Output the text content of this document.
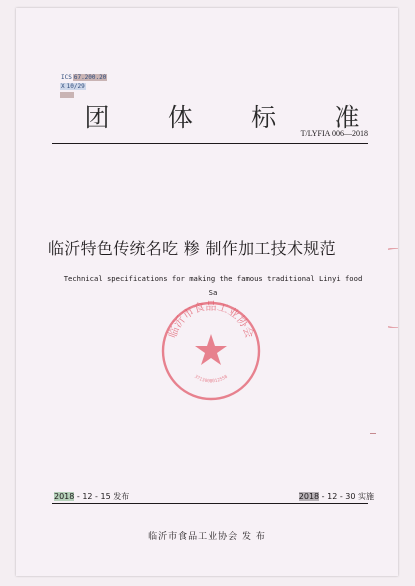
ICS 67.200.20
X 10/29
团 体 标 准
T/LYFIA 006—2018
临沂特色传统名吃 糁 制作加工技术规范
Technical specifications for making the famous traditional Linyi food
Sa
临沂市食品工业协会
3713000012558
2018 - 12 - 15 发布	2018 - 12 - 30 实施
临沂市食品工业协会 发 布
